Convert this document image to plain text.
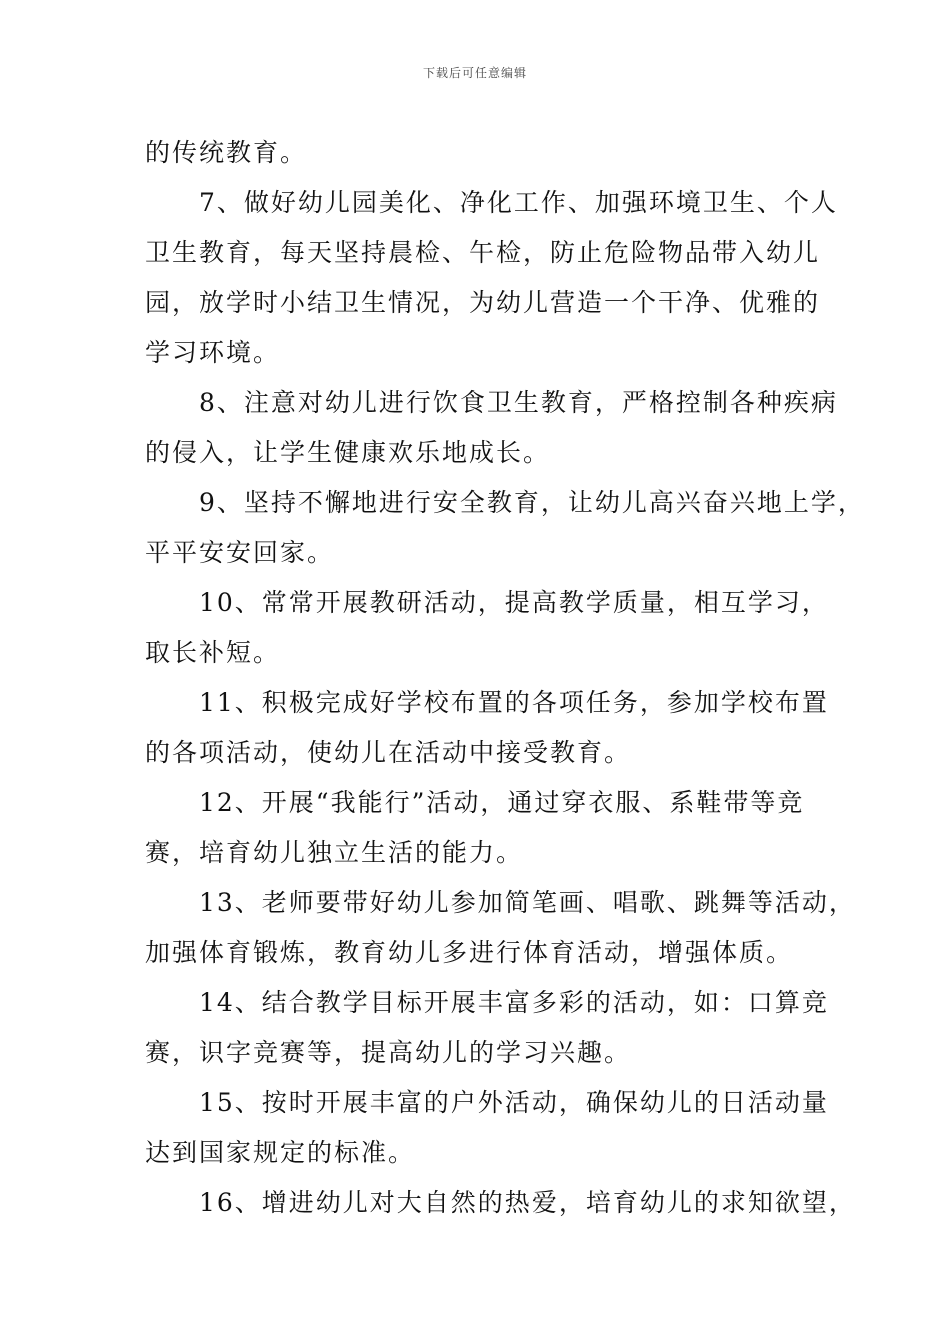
下载后可任意编辑

的传统教育。

7、做好幼儿园美化、净化工作、加强环境卫生、个人
卫生教育，每天坚持晨检、午检，防止危险物品带入幼儿
园，放学时小结卫生情况，为幼儿营造一个干净、优雅的
学习环境。

8、注意对幼儿进行饮食卫生教育，严格控制各种疾病
的侵入，让学生健康欢乐地成长。

9、坚持不懈地进行安全教育，让幼儿高兴奋兴地上学，
平平安安回家。

10、常常开展教研活动，提高教学质量，相互学习，
取长补短。

11、积极完成好学校布置的各项任务，参加学校布置
的各项活动，使幼儿在活动中接受教育。

12、开展“我能行”活动，通过穿衣服、系鞋带等竞
赛，培育幼儿独立生活的能力。

13、老师要带好幼儿参加简笔画、唱歌、跳舞等活动，
加强体育锻炼，教育幼儿多进行体育活动，增强体质。

14、结合教学目标开展丰富多彩的活动，如：口算竞
赛，识字竞赛等，提高幼儿的学习兴趣。

15、按时开展丰富的户外活动，确保幼儿的日活动量
达到国家规定的标准。

16、增进幼儿对大自然的热爱，培育幼儿的求知欲望，
